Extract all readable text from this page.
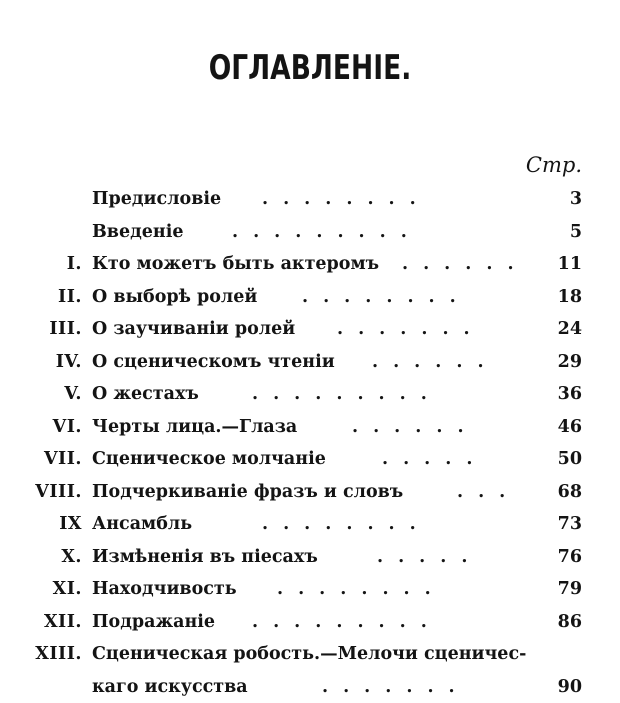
ОГЛАВЛЕНІЕ.
Стр.
Предисловіе ........	3
Введеніе	.........	5
I. Кто можетъ быть актеромъ ......	11
II. О выборѣ ролей	........	18
III. О заучиваніи ролей .......	24
IV. О сценическомъ чтеніи ......	29
V. О жестахъ	.........	36
VI. Черты лица.—Глаза	......	46
VII. Сценическое молчаніе	.....	50
VIII. Подчеркиваніе фразъ и словъ	...	68
IX Ансамбль	........	73
X. Измѣненія въ піесахъ	.....	76
XI. Находчивость ........	79
XII. Подражаніе .........	86
XIII. Сценическая робость.—Мелочи сценичес-
каго искусства	.......	90
